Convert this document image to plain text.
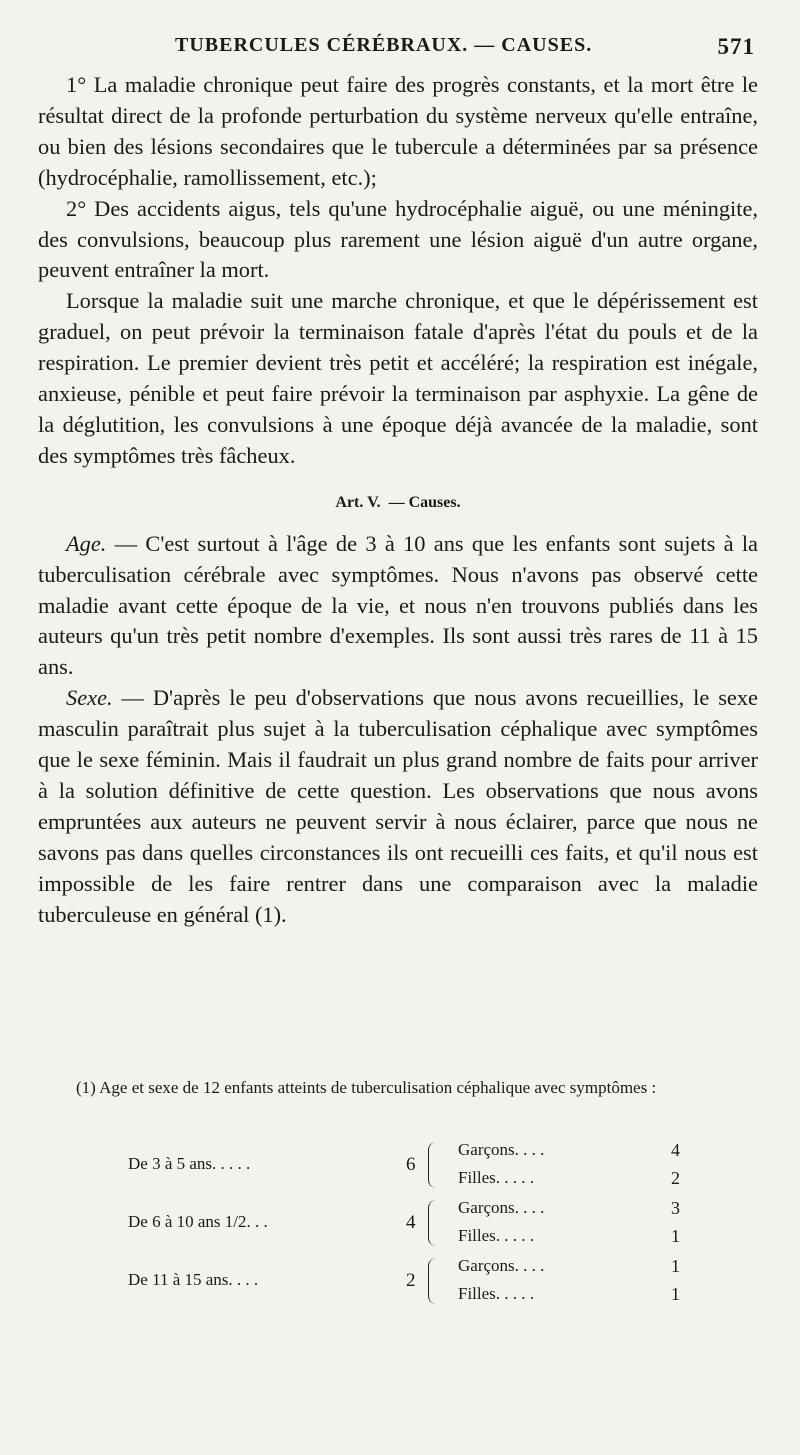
TUBERCULES CÉRÉBRAUX. — CAUSES.	571

1° La maladie chronique peut faire des progrès constants, et la mort être le résultat direct de la profonde perturbation du système nerveux qu'elle entraîne, ou bien des lésions secondaires que le tubercule a déterminées par sa présence (hydrocéphalie, ramollissement, etc.);

2° Des accidents aigus, tels qu'une hydrocéphalie aiguë, ou une méningite, des convulsions, beaucoup plus rarement une lésion aiguë d'un autre organe, peuvent entraîner la mort.

Lorsque la maladie suit une marche chronique, et que le dépérissement est graduel, on peut prévoir la terminaison fatale d'après l'état du pouls et de la respiration. Le premier devient très petit et accéléré; la respiration est inégale, anxieuse, pénible et peut faire prévoir la terminaison par asphyxie. La gêne de la déglutition, les convulsions à une époque déjà avancée de la maladie, sont des symptômes très fâcheux.

Art. V. — Causes.

Age. — C'est surtout à l'âge de 3 à 10 ans que les enfants sont sujets à la tuberculisation cérébrale avec symptômes. Nous n'avons pas observé cette maladie avant cette époque de la vie, et nous n'en trouvons publiés dans les auteurs qu'un très petit nombre d'exemples. Ils sont aussi très rares de 11 à 15 ans.

Sexe. — D'après le peu d'observations que nous avons recueillies, le sexe masculin paraîtrait plus sujet à la tuberculisation céphalique avec symptômes que le sexe féminin. Mais il faudrait un plus grand nombre de faits pour arriver à la solution définitive de cette question. Les observations que nous avons empruntées aux auteurs ne peuvent servir à nous éclairer, parce que nous ne savons pas dans quelles circonstances ils ont recueilli ces faits, et qu'il nous est impossible de les faire rentrer dans une comparaison avec la maladie tuberculeuse en général (1).

(1) Age et sexe de 12 enfants atteints de tuberculisation céphalique avec symptômes :

De 3 à 5 ans. . . . .	6
Garçons. . . .	4
Filles. . . . .	2
De 6 à 10 ans 1/2. . .	4
Garçons. . . .	3
Filles. . . . .	1
De 11 à 15 ans. . . .	2
Garçons. . . .	1
Filles. . . . .	1
